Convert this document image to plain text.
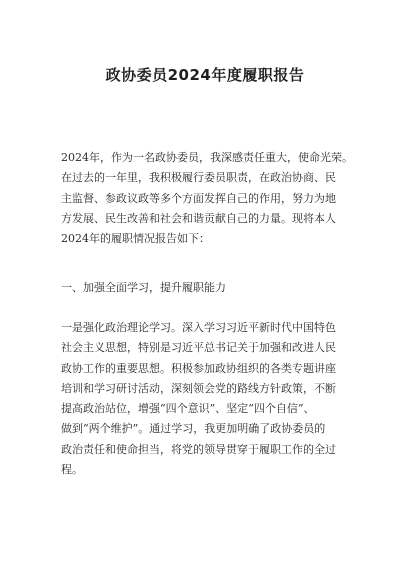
政协委员2024年度履职报告
2024年，作为一名政协委员，我深感责任重大，使命光荣。
在过去的一年里，我积极履行委员职责，在政治协商、民
主监督、参政议政等多个方面发挥自己的作用，努力为地
方发展、民生改善和社会和谐贡献自己的力量。现将本人
2024年的履职情况报告如下：
一、加强全面学习，提升履职能力
一是强化政治理论学习。深入学习习近平新时代中国特色
社会主义思想，特别是习近平总书记关于加强和改进人民
政协工作的重要思想。积极参加政协组织的各类专题讲座
培训和学习研讨活动，深刻领会党的路线方针政策，不断
提高政治站位，增强“四个意识”、坚定“四个自信”、
做到“两个维护”。通过学习，我更加明确了政协委员的
政治责任和使命担当，将党的领导贯穿于履职工作的全过
程。
